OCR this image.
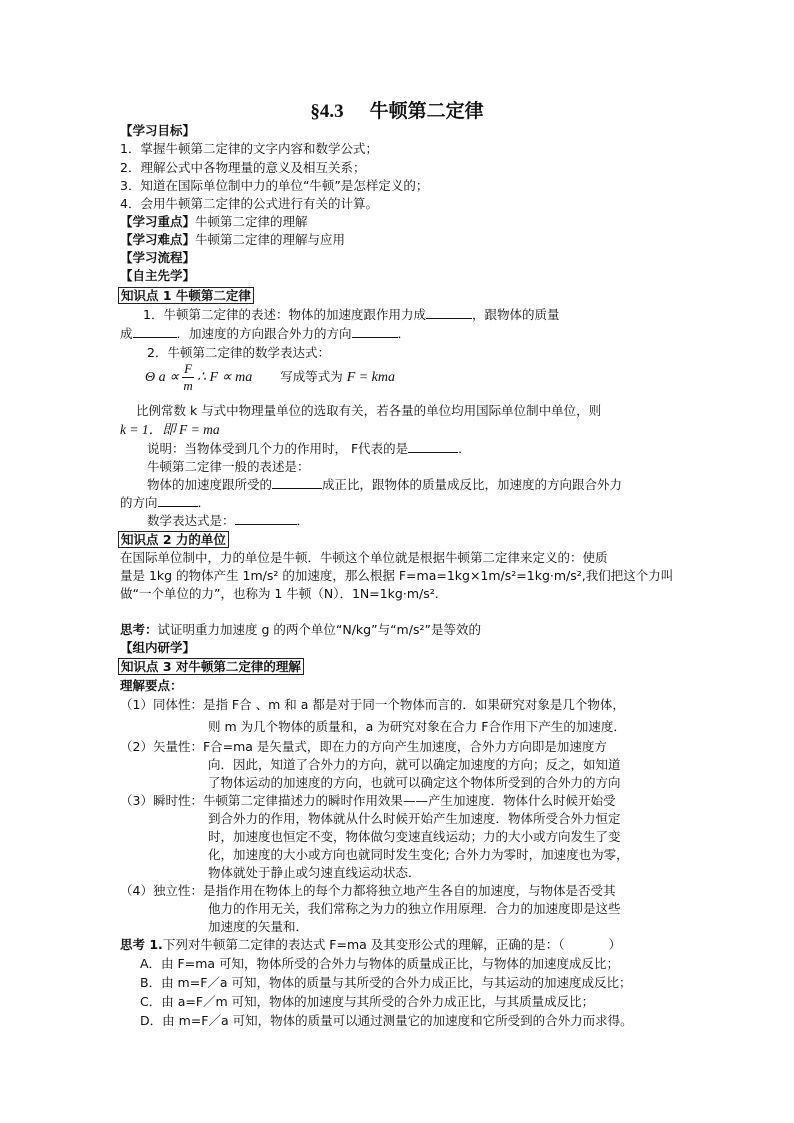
§4.3 牛顿第二定律
【学习目标】
1．掌握牛顿第二定律的文字内容和数学公式；
2．理解公式中各物理量的意义及相互关系；
3．知道在国际单位制中力的单位“牛顿”是怎样定义的；
4．会用牛顿第二定律的公式进行有关的计算。
【学习重点】牛顿第二定律的理解
【学习难点】牛顿第二定律的理解与应用
【学习流程】
【自主先学】
知识点 1 牛顿第二定律
1．牛顿第二定律的表述：物体的加速度跟作用力成	，跟物体的质量
成	．加速度的方向跟合外力的方向	．
2．牛顿第二定律的数学表达式：
Θ $a \propto \frac{F}{m}$ ∴ F ∝ ma 写成等式为 F = kma
比例常数 k 与式中物理量单位的选取有关，若各量的单位均用国际单位制中单位，则
k = 1．即 F = ma
说明：当物体受到几个力的作用时， F代表的是	．
牛顿第二定律一般的表述是：
物体的加速度跟所受的	成正比，跟物体的质量成反比，加速度的方向跟合外力
的方向	．
数学表达式是：	．
知识点 2 力的单位
在国际单位制中，力的单位是牛顿．牛顿这个单位就是根据牛顿第二定律来定义的：使质
量是 1kg 的物体产生 1m/s² 的加速度，那么根据 F=ma=1kg×1m/s²=1kg·m/s²,我们把这个力叫
做“一个单位的力”，也称为 1 牛顿（N）．1N=1kg·m/s².
思考：试证明重力加速度 g 的两个单位“N/kg”与“m/s²”是等效的
【组内研学】
知识点 3 对牛顿第二定律的理解
理解要点：
（1）同体性：是指 F合 、m 和 a 都是对于同一个物体而言的．如果研究对象是几个物体，
则 m 为几个物体的质量和，a 为研究对象在合力 F合作用下产生的加速度．
（2）矢量性：F合=ma 是矢量式，即在力的方向产生加速度，合外力方向即是加速度方
向．因此，知道了合外力的方向，就可以确定加速度的方向；反之，如知道
了物体运动的加速度的方向，也就可以确定这个物体所受到的合外力的方向
（3）瞬时性：牛顿第二定律描述力的瞬时作用效果——产生加速度．物体什么时候开始受
到合外力的作用，物体就从什么时候开始产生加速度．物体所受合外力恒定
时，加速度也恒定不变，物体做匀变速直线运动；力的大小或方向发生了变
化，加速度的大小或方向也就同时发生变化; 合外力为零时，加速度也为零，
物体就处于静止或匀速直线运动状态．
（4）独立性：是指作用在物体上的每个力都将独立地产生各自的加速度，与物体是否受其
他力的作用无关，我们常称之为力的独立作用原理．合力的加速度即是这些
加速度的矢量和．
思考 1.下列对牛顿第二定律的表达式 F=ma 及其变形公式的理解，正确的是：（	）
A．由 F=ma 可知，物体所受的合外力与物体的质量成正比，与物体的加速度成反比；
B．由 m=F／a 可知，物体的质量与其所受的合外力成正比，与其运动的加速度成反比；
C．由 a=F／m 可知，物体的加速度与其所受的合外力成正比，与其质量成反比；
D．由 m=F／a 可知，物体的质量可以通过测量它的加速度和它所受到的合外力而求得。
